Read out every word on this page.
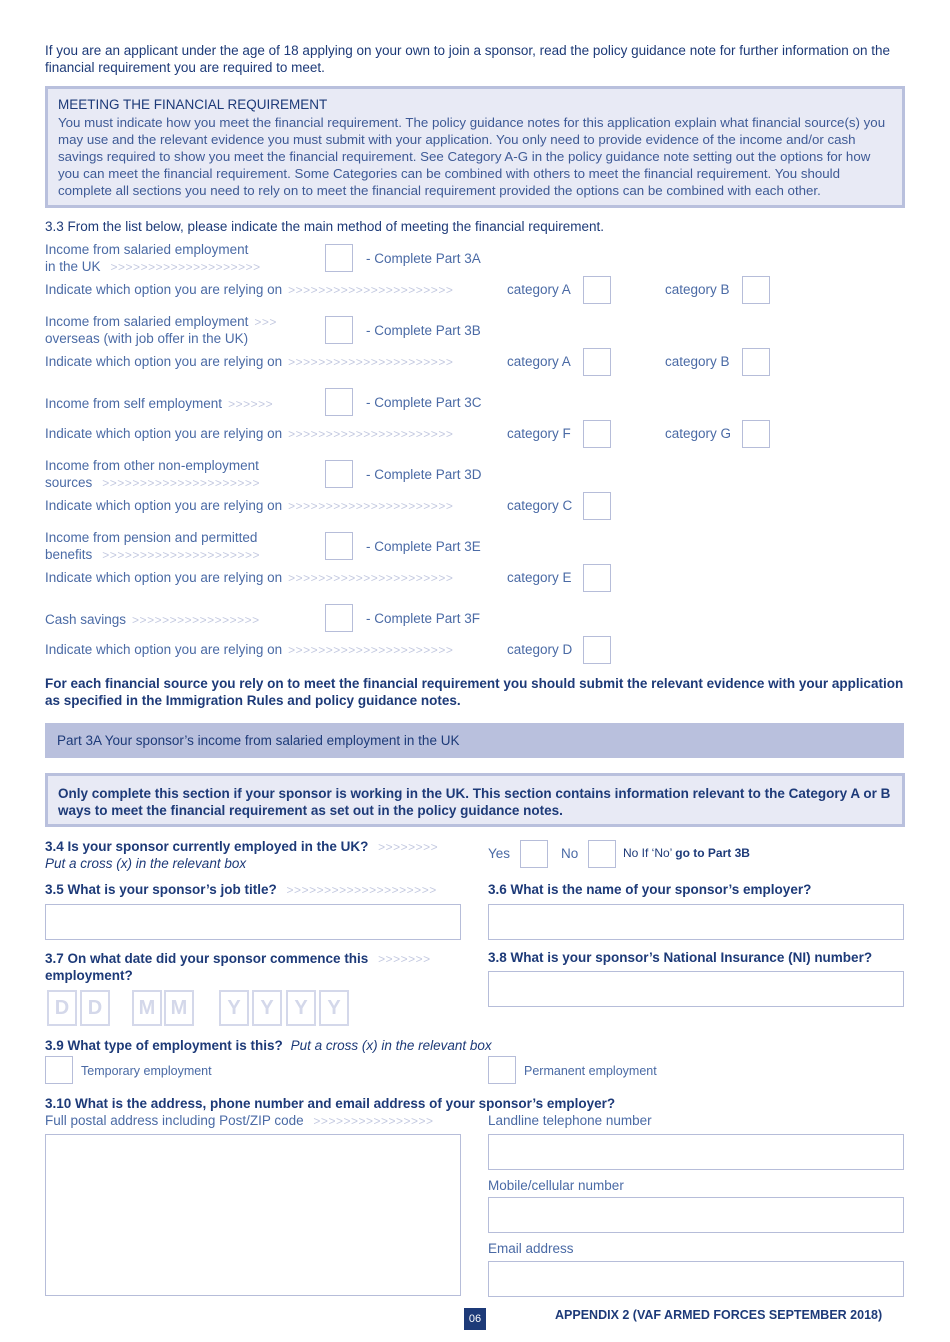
If you are an applicant under the age of 18 applying on your own to join a sponsor, read the policy guidance note for further information on the financial requirement you are required to meet.
MEETING THE FINANCIAL REQUIREMENT
You must indicate how you meet the financial requirement. The policy guidance notes for this application explain what financial source(s) you may use and the relevant evidence you must submit with your application. You only need to provide evidence of the income and/or cash savings required to show you meet the financial requirement. See Category A-G in the policy guidance note setting out the options for how you can meet the financial requirement. Some Categories can be combined with others to meet the financial requirement. You should complete all sections you need to rely on to meet the financial requirement provided the options can be combined with each other.
3.3 From the list below, please indicate the main method of meeting the financial requirement.
Income from salaried employment
in the UK >>>>>>>>>>>>>>>>>>>>
- Complete Part 3A
Indicate which option you are relying on >>>>>>>>>>>>>>>>>>>>>>	category A	category B
Income from salaried employment >>>
overseas (with job offer in the UK)
- Complete Part 3B
Indicate which option you are relying on >>>>>>>>>>>>>>>>>>>>>>	category A	category B
Income from self employment >>>>>>	- Complete Part 3C
Indicate which option you are relying on >>>>>>>>>>>>>>>>>>>>>>	category F	category G
Income from other non-employment
sources >>>>>>>>>>>>>>>>>>>>>
- Complete Part 3D
Indicate which option you are relying on >>>>>>>>>>>>>>>>>>>>>>	category C
Income from pension and permitted
benefits >>>>>>>>>>>>>>>>>>>>>
- Complete Part 3E
Indicate which option you are relying on >>>>>>>>>>>>>>>>>>>>>>	category E
Cash savings >>>>>>>>>>>>>>>>>	- Complete Part 3F
Indicate which option you are relying on >>>>>>>>>>>>>>>>>>>>>>	category D
For each financial source you rely on to meet the financial requirement you should submit the relevant evidence with your application as specified in the Immigration Rules and policy guidance notes.
Part 3A Your sponsor’s income from salaried employment in the UK
Only complete this section if your sponsor is working in the UK. This section contains information relevant to the Category A or B ways to meet the financial requirement as set out in the policy guidance notes.
3.4 Is your sponsor currently employed in the UK? >>>>>>>>
Put a cross (x) in the relevant box
Yes	No	No If ‘No’ go to Part 3B
3.5 What is your sponsor’s job title? >>>>>>>>>>>>>>>>>>>>	3.6 What is the name of your sponsor’s employer?
3.7 On what date did your sponsor commence this >>>>>>>
employment?
D D	M M	Y Y	Y Y
3.8 What is your sponsor’s National Insurance (NI) number?
3.9 What type of employment is this? Put a cross (x) in the relevant box
Temporary employment	Permanent employment
3.10 What is the address, phone number and email address of your sponsor’s employer?
Full postal address including Post/ZIP code >>>>>>>>>>>>>>>>	Landline telephone number
Mobile/cellular number
Email address
06	APPENDIX 2 (VAF ARMED FORCES SEPTEMBER 2018)
